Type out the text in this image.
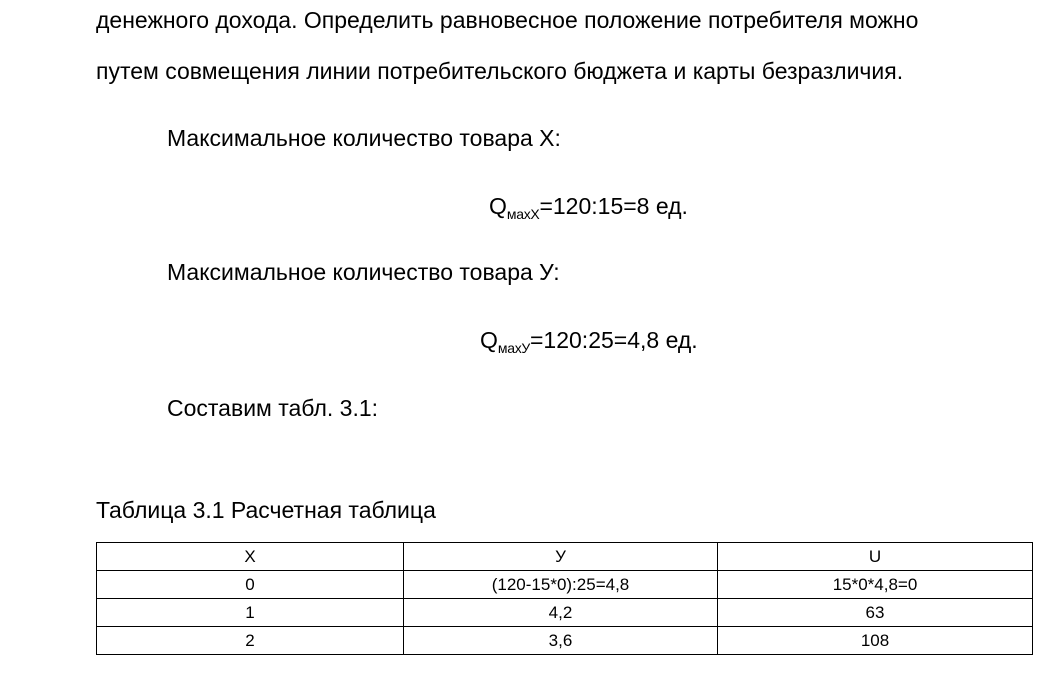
денежного дохода. Определить равновесное положение потребителя можно
путем совмещения линии потребительского бюджета и карты безразличия.
Максимальное количество товара X:
$Q_{махX}=120:15=8$ ед.
Максимальное количество товара У:
$Q_{махУ}=120:25=4,8$ ед.
Составим табл. 3.1:
Таблица 3.1 Расчетная таблица
X	У	U
0	(120-15*0):25=4,8	15*0*4,8=0
1	4,2	63
2	3,6	108
